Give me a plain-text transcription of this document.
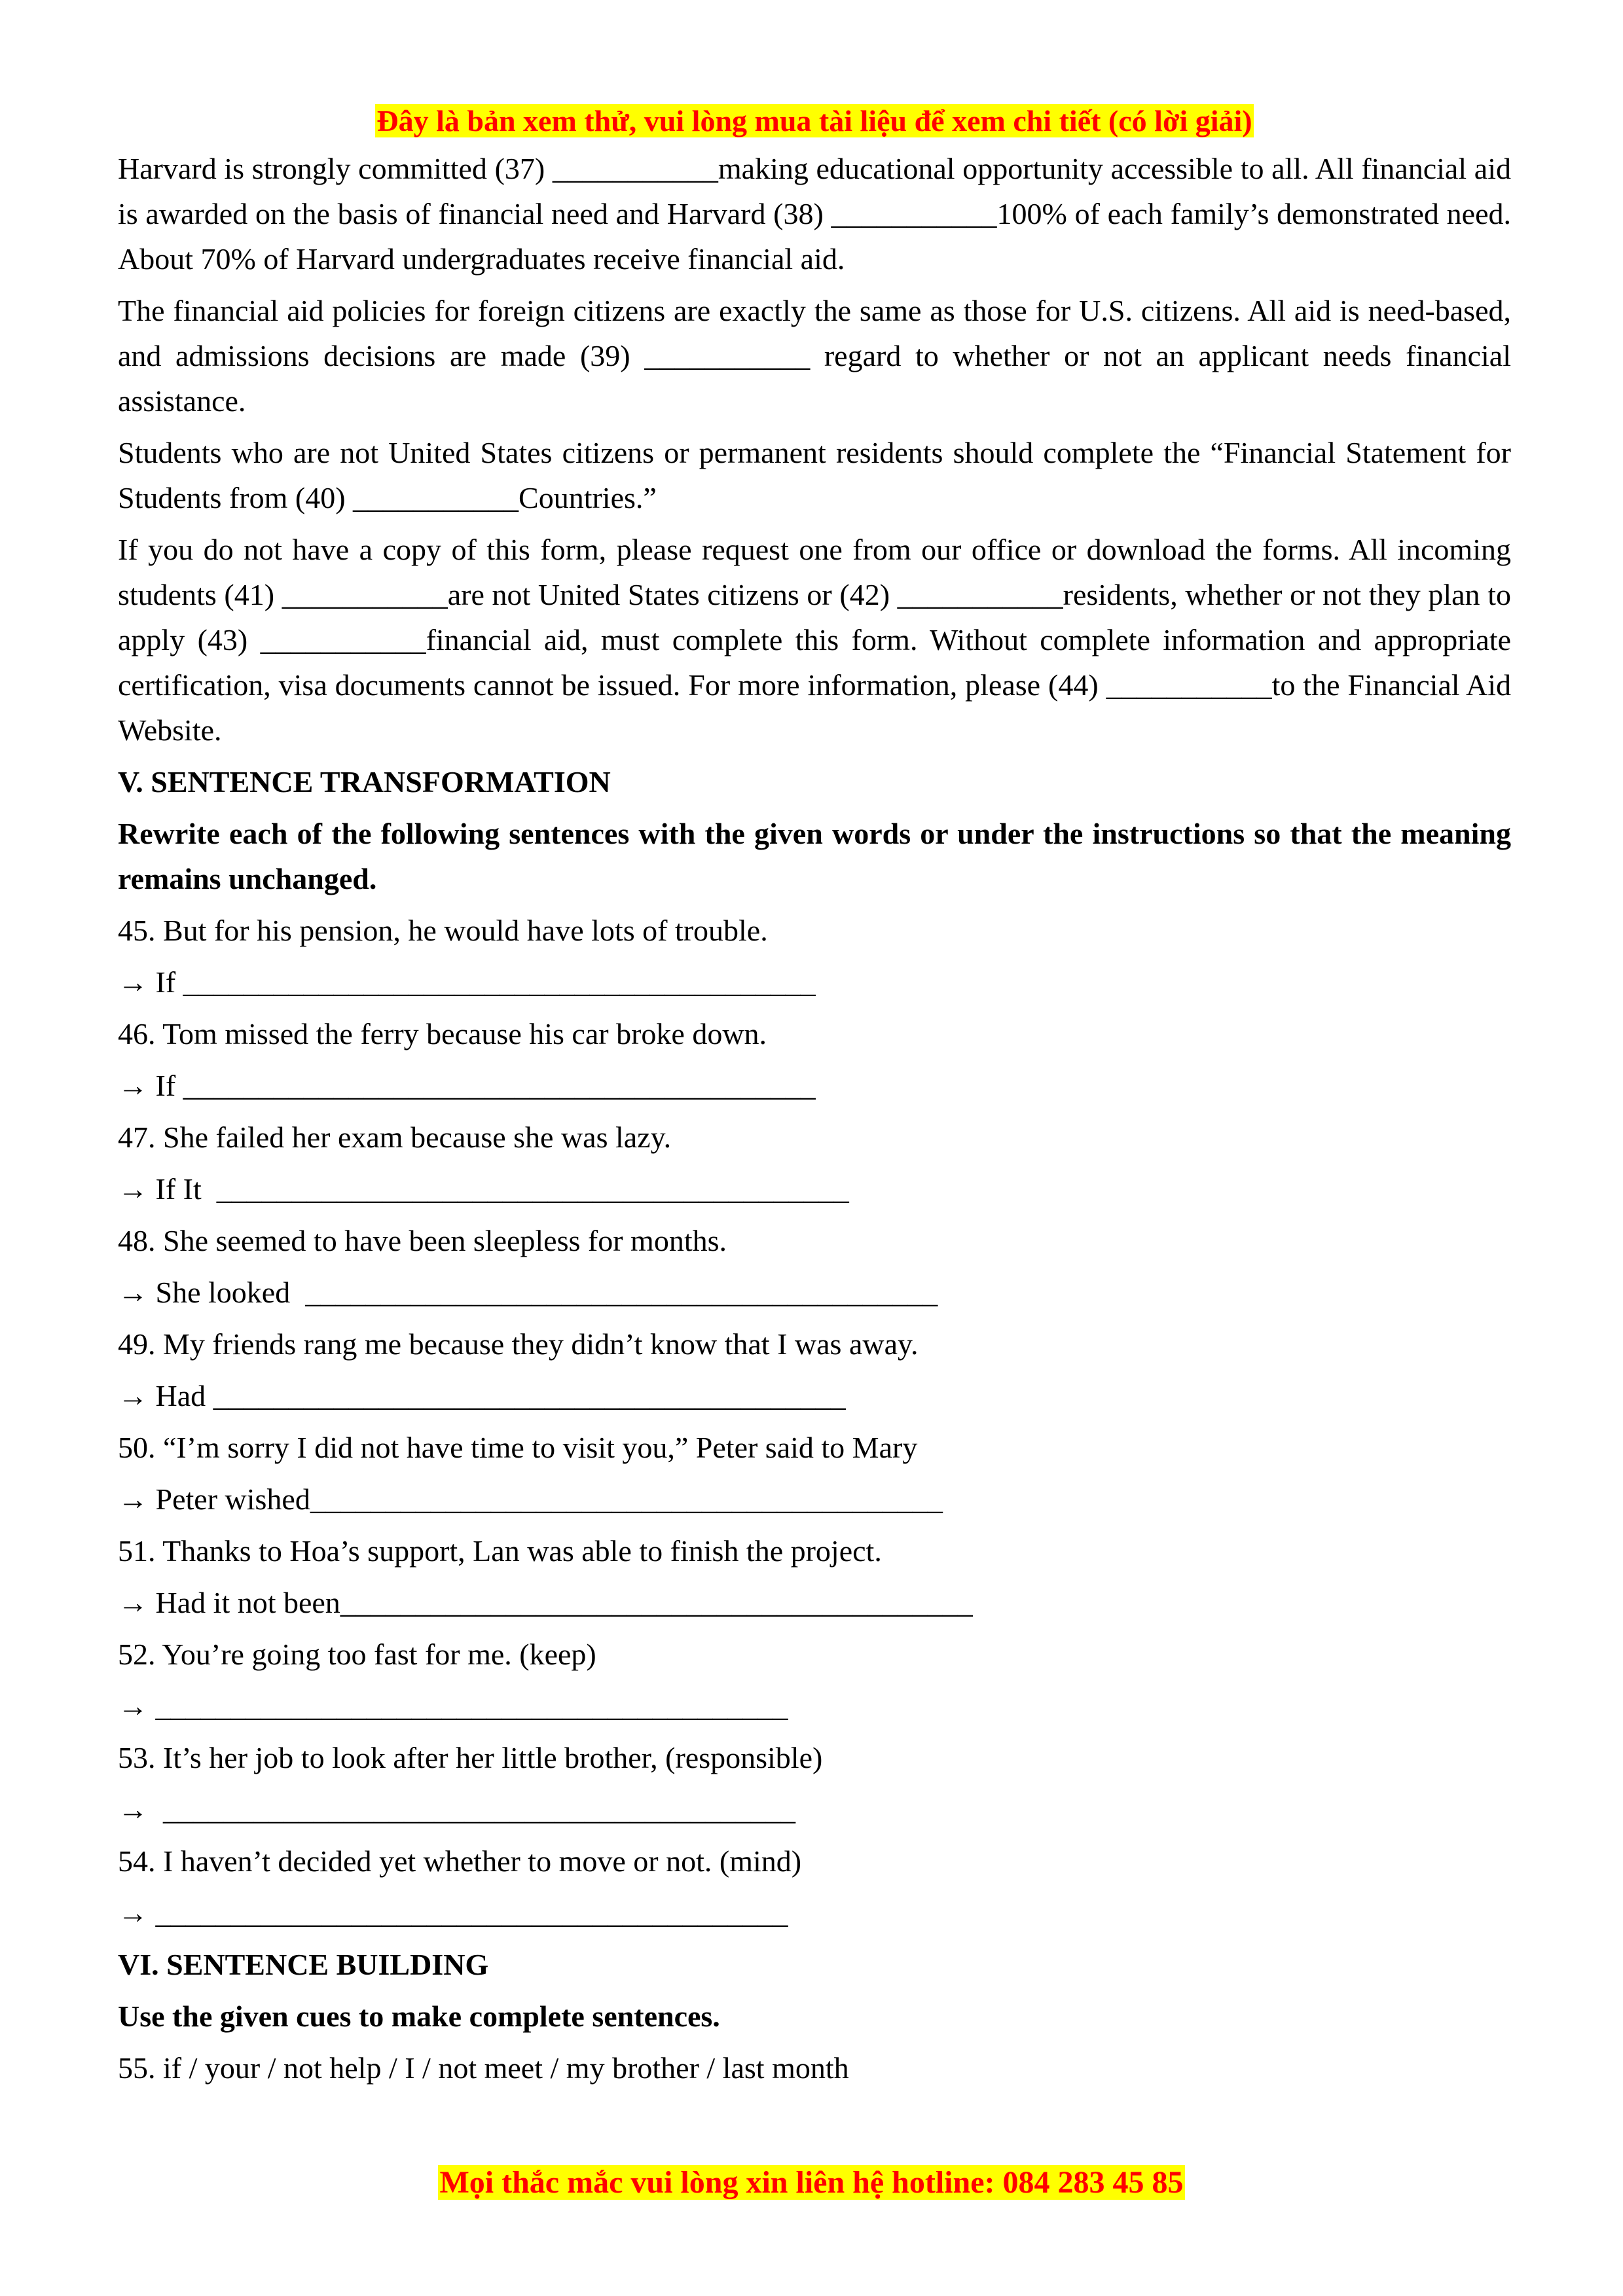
Đây là bản xem thử, vui lòng mua tài liệu để xem chi tiết (có lời giải)

Harvard is strongly committed (37) ___________making educational opportunity accessible to all. All financial aid is awarded on the basis of financial need and Harvard (38) ___________100% of each family’s demonstrated need. About 70% of Harvard undergraduates receive financial aid.

The financial aid policies for foreign citizens are exactly the same as those for U.S. citizens. All aid is need-based, and admissions decisions are made (39) ___________ regard to whether or not an applicant needs financial assistance.

Students who are not United States citizens or permanent residents should complete the “Financial Statement for Students from (40) ___________Countries.”

If you do not have a copy of this form, please request one from our office or download the forms. All incoming students (41) ___________are not United States citizens or (42) ___________residents, whether or not they plan to apply (43) ___________financial aid, must complete this form. Without complete information and appropriate certification, visa documents cannot be issued. For more information, please (44) ___________to the Financial Aid Website.

V. SENTENCE TRANSFORMATION
Rewrite each of the following sentences with the given words or under the instructions so that the meaning remains unchanged.
45. But for his pension, he would have lots of trouble.
→ If __________________________________________
46. Tom missed the ferry because his car broke down.
→ If __________________________________________
47. She failed her exam because she was lazy.
→ If It  __________________________________________
48. She seemed to have been sleepless for months.
→ She looked  __________________________________________
49. My friends rang me because they didn’t know that I was away.
→ Had __________________________________________
50. “I’m sorry I did not have time to visit you,” Peter said to Mary
→ Peter wished__________________________________________
51. Thanks to Hoa’s support, Lan was able to finish the project.
→ Had it not been__________________________________________
52. You’re going too fast for me. (keep)
→ __________________________________________
53. It’s her job to look after her little brother, (responsible)
→  __________________________________________
54. I haven’t decided yet whether to move or not. (mind)
→ __________________________________________
VI. SENTENCE BUILDING
Use the given cues to make complete sentences.
55. if / your / not help / I / not meet / my brother / last month
Mọi thắc mắc vui lòng xin liên hệ hotline: 084 283 45 85
